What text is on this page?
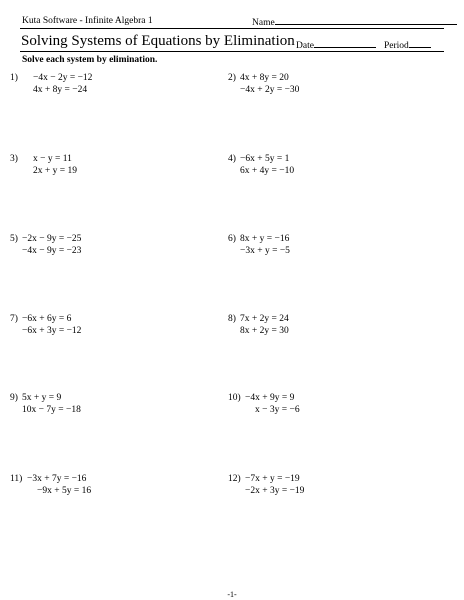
Kuta Software - Infinite Algebra 1	Name
Solving Systems of Equations by Elimination Date	Period
Solve each system by elimination.
1) −4x − 2y = −12
4x + 8y = −24
2) 4x + 8y = 20
−4x + 2y = −30
3) x − y = 11
2x + y = 19
4) −6x + 5y = 1
6x + 4y = −10
5) −2x − 9y = −25
−4x − 9y = −23
6) 8x + y = −16
−3x + y = −5
7) −6x + 6y = 6
−6x + 3y = −12
8) 7x + 2y = 24
8x + 2y = 30
9) 5x + y = 9
10x − 7y = −18
10) −4x + 9y = 9
x − 3y = −6
11) −3x + 7y = −16
−9x + 5y = 16
12) −7x + y = −19
−2x + 3y = −19
-1-
